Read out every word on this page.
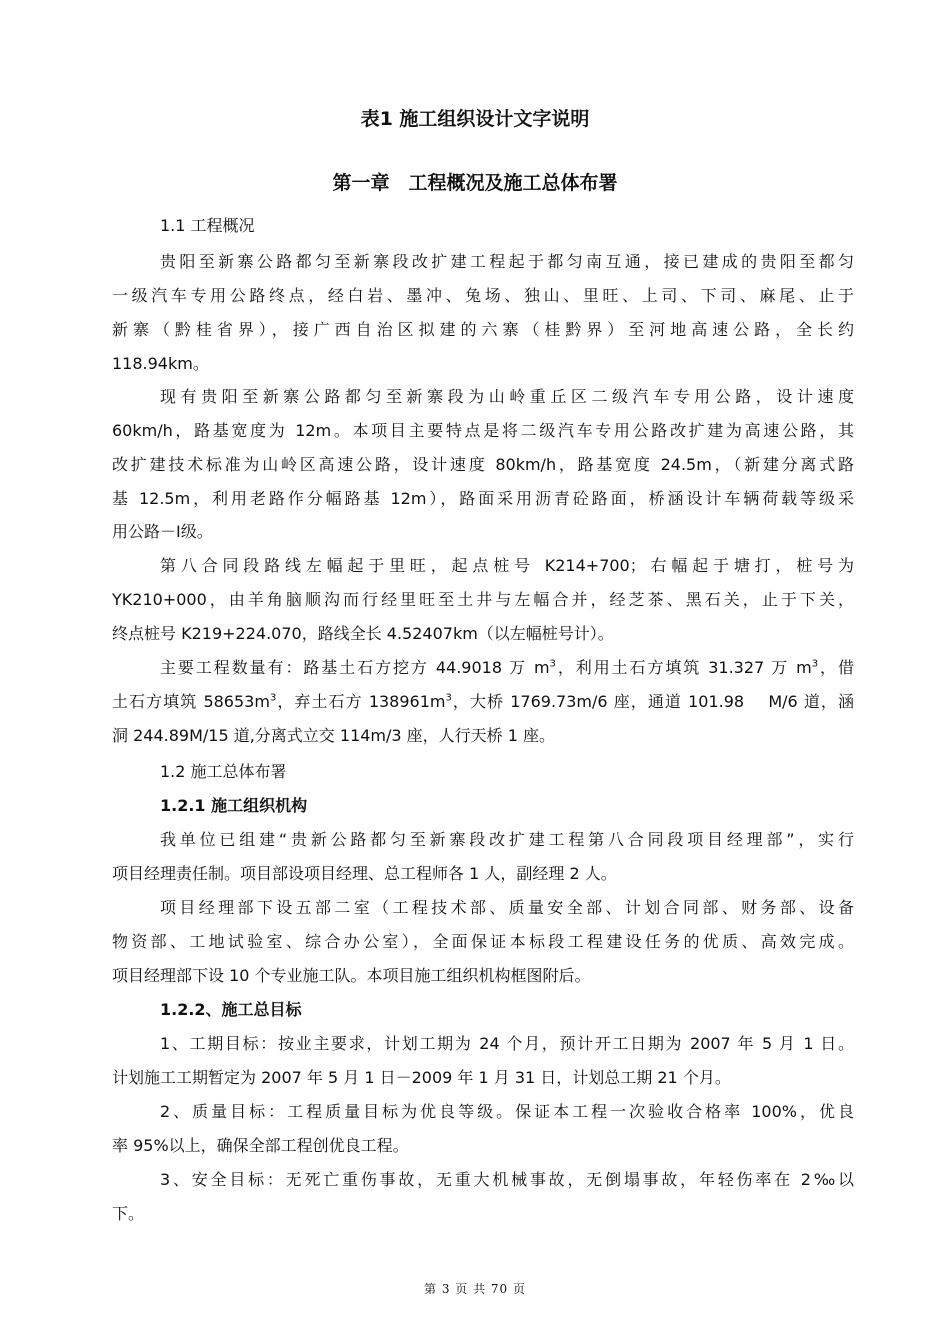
表1 施工组织设计文字说明
第一章　工程概况及施工总体布署
1.1 工程概况
贵阳至新寨公路都匀至新寨段改扩建工程起于都匀南互通，接已建成的贵阳至都匀
一级汽车专用公路终点，经白岩、墨冲、兔场、独山、里旺、上司、下司、麻尾、止于
新寨（黔桂省界），接广西自治区拟建的六寨（桂黔界）至河地高速公路，全长约
118.94km。
现有贵阳至新寨公路都匀至新寨段为山岭重丘区二级汽车专用公路，设计速度
60km/h，路基宽度为 12m。本项目主要特点是将二级汽车专用公路改扩建为高速公路，其
改扩建技术标准为山岭区高速公路，设计速度 80km/h，路基宽度 24.5m，（新建分离式路
基 12.5m，利用老路作分幅路基 12m），路面采用沥青砼路面，桥涵设计车辆荷载等级采
用公路－Ⅰ级。
第八合同段路线左幅起于里旺，起点桩号 K214+700；右幅起于塘打，桩号为
YK210+000，由羊角脑顺沟而行经里旺至土井与左幅合并，经芝茶、黑石关，止于下关，
终点桩号 K219+224.070，路线全长 4.52407km（以左幅桩号计）。
主要工程数量有：路基土石方挖方 44.9018 万 $m^3$，利用土石方填筑 31.327 万 $m^3$，借
土石方填筑 $58653m^3$，弃土石方 $138961m^3$，大桥 1769.73m/6 座，通道 101.98　 M/6 道，涵
洞 244.89M/15 道,分离式立交 114m/3 座，人行天桥 1 座。
1.2 施工总体布署
1.2.1 施工组织机构
我单位已组建“贵新公路都匀至新寨段改扩建工程第八合同段项目经理部”，实行
项目经理责任制。项目部设项目经理、总工程师各 1 人，副经理 2 人。
项目经理部下设五部二室（工程技术部、质量安全部、计划合同部、财务部、设备
物资部、工地试验室、综合办公室），全面保证本标段工程建设任务的优质、高效完成。
项目经理部下设 10 个专业施工队。本项目施工组织机构框图附后。
1.2.2、施工总目标
1、工期目标：按业主要求，计划工期为 24 个月，预计开工日期为 2007 年 5 月 1 日。
计划施工工期暂定为 2007 年 5 月 1 日－2009 年 1 月 31 日，计划总工期 21 个月。
2、质量目标：工程质量目标为优良等级。保证本工程一次验收合格率 100%，优良
率 95%以上，确保全部工程创优良工程。
3、安全目标：无死亡重伤事故，无重大机械事故，无倒塌事故，年轻伤率在 2‰以
下。
第 3 页 共 70 页
